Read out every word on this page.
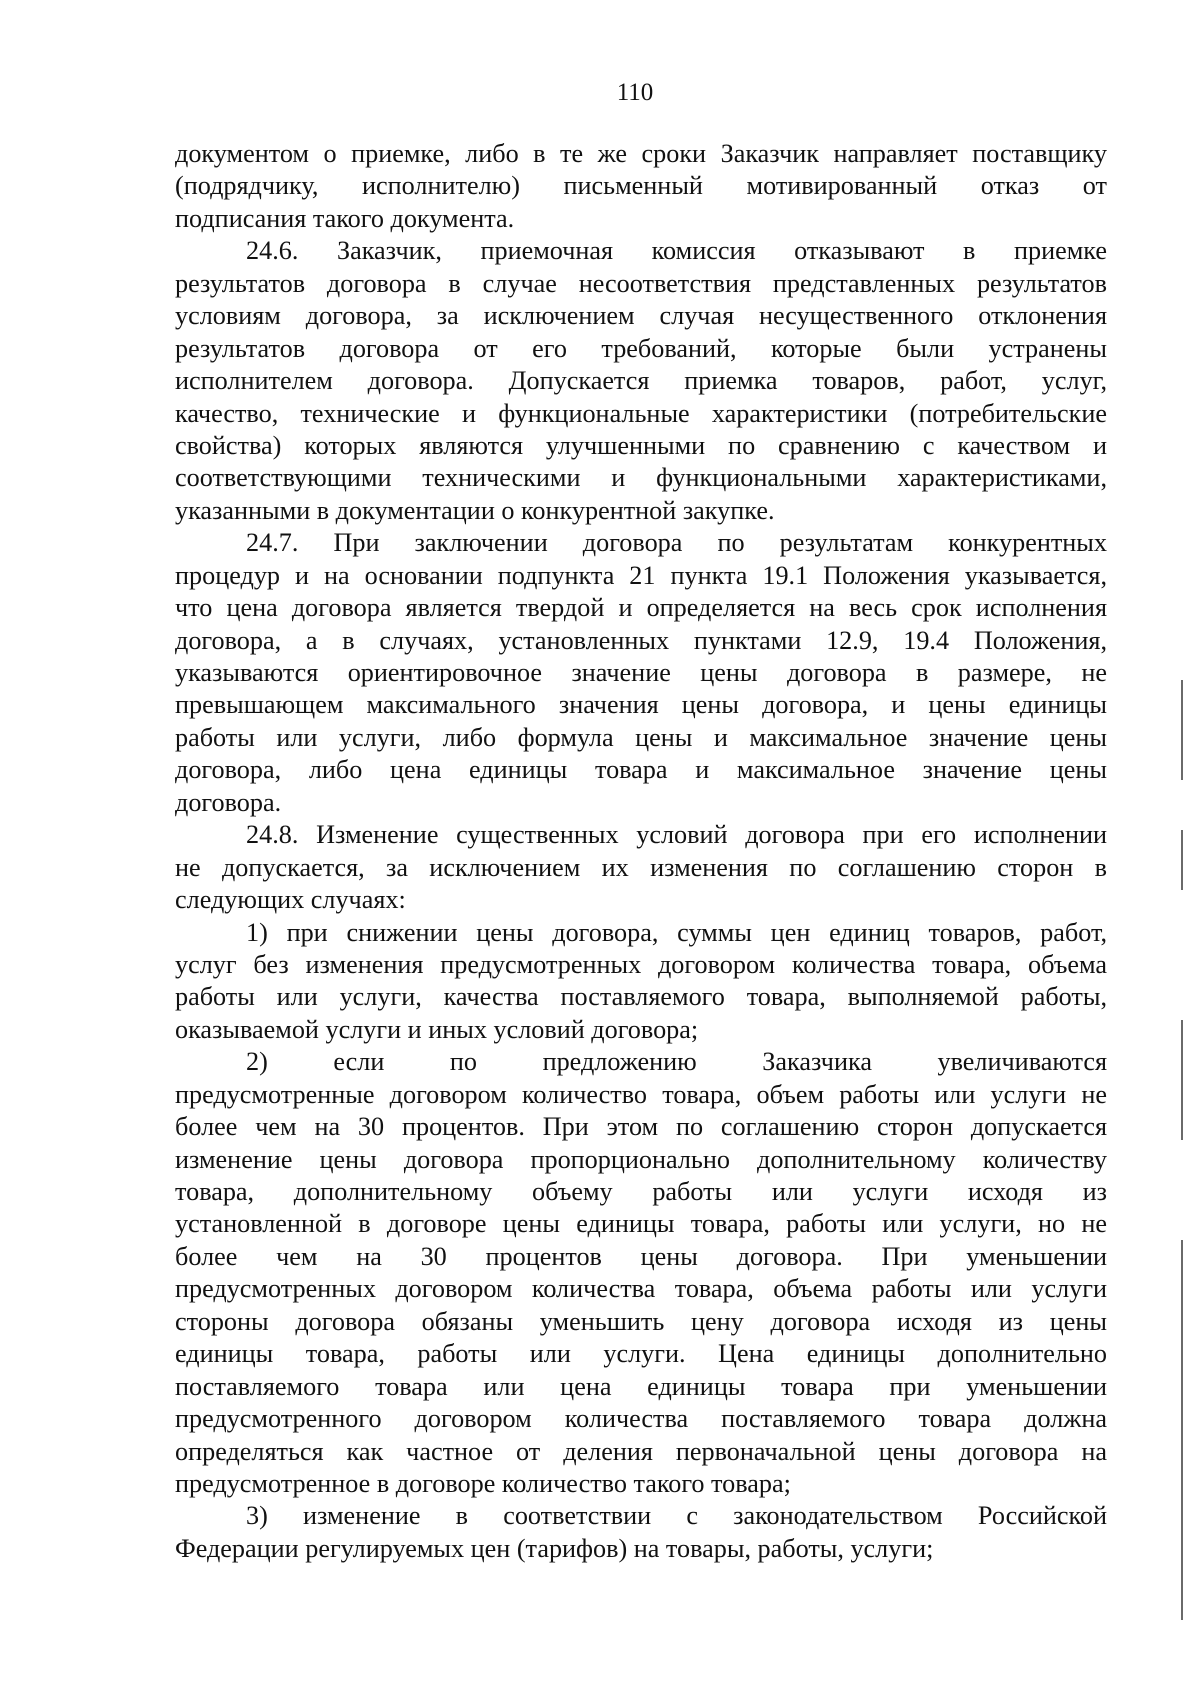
110
документом о приемке, либо в те же сроки Заказчик направляет поставщику
(подрядчику, исполнителю) письменный мотивированный отказ от
подписания такого документа.
24.6. Заказчик, приемочная комиссия отказывают в приемке
результатов договора в случае несоответствия представленных результатов
условиям договора, за исключением случая несущественного отклонения
результатов договора от его требований, которые были устранены
исполнителем договора. Допускается приемка товаров, работ, услуг,
качество, технические и функциональные характеристики (потребительские
свойства) которых являются улучшенными по сравнению с качеством и
соответствующими техническими и функциональными характеристиками,
указанными в документации о конкурентной закупке.
24.7. При заключении договора по результатам конкурентных
процедур и на основании подпункта 21 пункта 19.1 Положения указывается,
что цена договора является твердой и определяется на весь срок исполнения
договора, а в случаях, установленных пунктами 12.9, 19.4 Положения,
указываются ориентировочное значение цены договора в размере, не
превышающем максимального значения цены договора, и цены единицы
работы или услуги, либо формула цены и максимальное значение цены
договора, либо цена единицы товара и максимальное значение цены
договора.
24.8. Изменение существенных условий договора при его исполнении
не допускается, за исключением их изменения по соглашению сторон в
следующих случаях:
1) при снижении цены договора, суммы цен единиц товаров, работ,
услуг без изменения предусмотренных договором количества товара, объема
работы или услуги, качества поставляемого товара, выполняемой работы,
оказываемой услуги и иных условий договора;
2) если по предложению Заказчика увеличиваются
предусмотренные договором количество товара, объем работы или услуги не
более чем на 30 процентов. При этом по соглашению сторон допускается
изменение цены договора пропорционально дополнительному количеству
товара, дополнительному объему работы или услуги исходя из
установленной в договоре цены единицы товара, работы или услуги, но не
более чем на 30 процентов цены договора. При уменьшении
предусмотренных договором количества товара, объема работы или услуги
стороны договора обязаны уменьшить цену договора исходя из цены
единицы товара, работы или услуги. Цена единицы дополнительно
поставляемого товара или цена единицы товара при уменьшении
предусмотренного договором количества поставляемого товара должна
определяться как частное от деления первоначальной цены договора на
предусмотренное в договоре количество такого товара;
3) изменение в соответствии с законодательством Российской
Федерации регулируемых цен (тарифов) на товары, работы, услуги;
